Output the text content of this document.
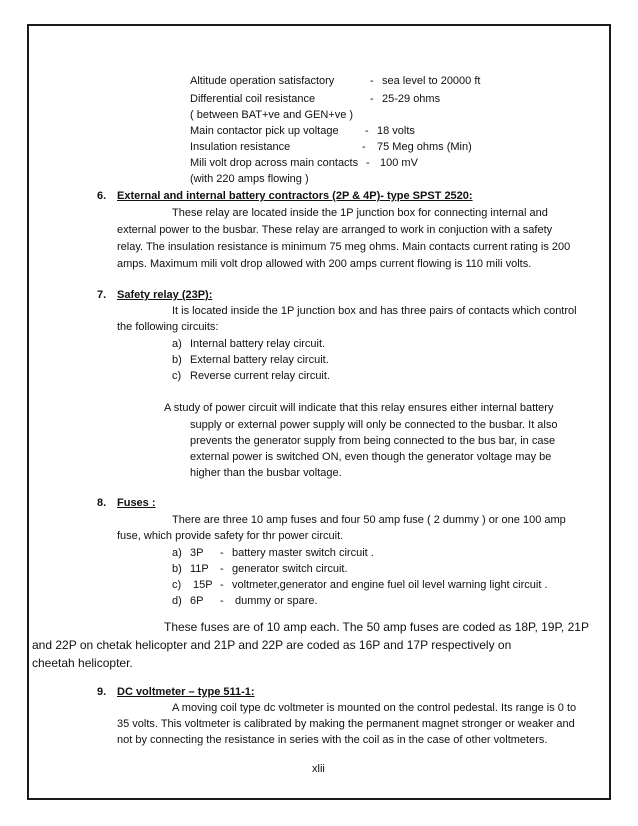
Altitude operation satisfactory	- sea level to 20000 ft
Differential coil resistance	- 25-29 ohms
( between BAT+ve and GEN+ve )
Main contactor pick up voltage - 18 volts
Insulation resistance	- 75 Meg ohms (Min)
Mili volt drop across main contacts - 100 mV
(with 220 amps flowing )
6. External and internal battery contractors (2P & 4P)- type SPST 2520:
These relay are located inside the 1P junction box for connecting internal and
external power to the busbar. These relay are arranged to work in conjuction with a safety
relay. The insulation resistance is minimum 75 meg ohms. Main contacts current rating is 200
amps. Maximum mili volt drop allowed with 200 amps current flowing is 110 mili volts.
7. Safety relay (23P):
It is located inside the 1P junction box and has three pairs of contacts which control
the following circuits:
a) Internal battery relay circuit.
b) External battery relay circuit.
c) Reverse current relay circuit.
A study of power circuit will indicate that this relay ensures either internal battery
supply or external power supply will only be connected to the busbar. It also
prevents the generator supply from being connected to the bus bar, in case
external power is switched ON, even though the generator voltage may be
higher than the busbar voltage.
8. Fuses :
There are three 10 amp fuses and four 50 amp fuse ( 2 dummy ) or one 100 amp
fuse, which provide safety for thr power circuit.
a) 3P - battery master switch circuit .
b) 11P - generator switch circuit.
c) 15P - voltmeter,generator and engine fuel oil level warning light circuit .
d) 6P - dummy or spare.
These fuses are of 10 amp each. The 50 amp fuses are coded as 18P, 19P, 21P
and 22P on chetak helicopter and 21P and 22P are coded as 16P and 17P respectively on
cheetah helicopter.
9. DC voltmeter – type 511-1:
A moving coil type dc voltmeter is mounted on the control pedestal. Its range is 0 to
35 volts. This voltmeter is calibrated by making the permanent magnet stronger or weaker and
not by connecting the resistance in series with the coil as in the case of other voltmeters.
xlii
